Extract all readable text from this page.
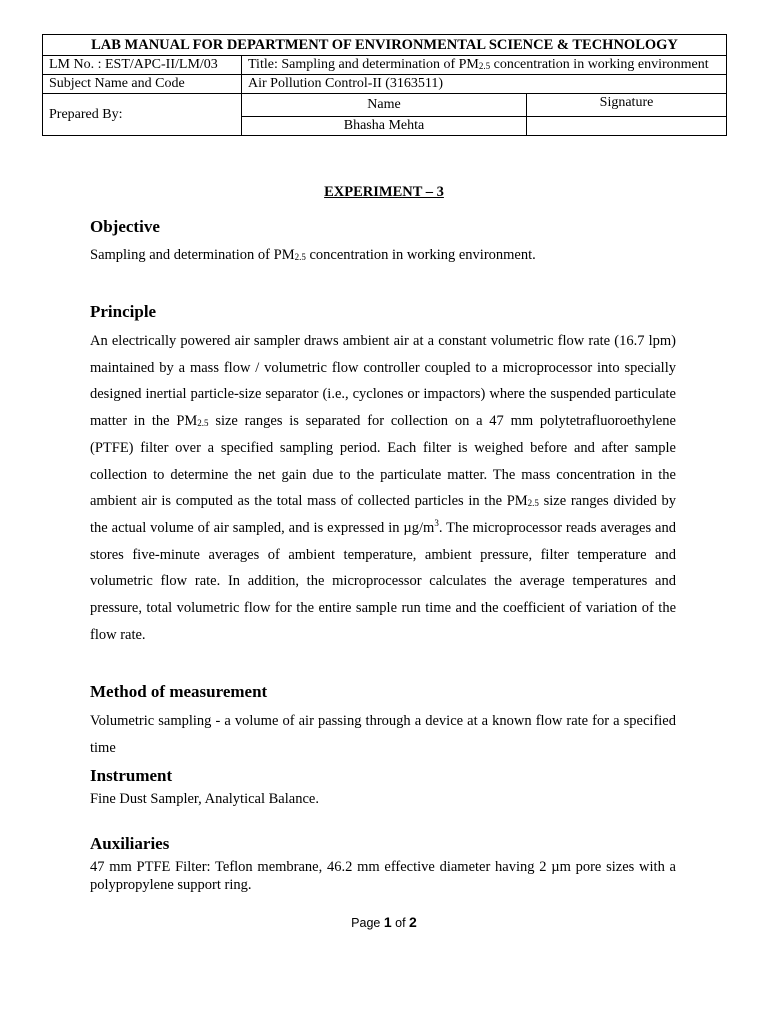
LAB MANUAL FOR DEPARTMENT OF ENVIRONMENTAL SCIENCE & TECHNOLOGY		
LM No. : EST/APC-II/LM/03	Title: Sampling and determination of $PM_{2.5}$ concentration in working environment	
Subject Name and Code	Air Pollution Control-II (3163511)	
Prepared By:	Name	Signature
	Bhasha Mehta	
EXPERIMENT – 3
Objective
Sampling and determination of $PM_{2.5}$ concentration in working environment.
Principle
An electrically powered air sampler draws ambient air at a constant volumetric flow rate (16.7 lpm) maintained by a mass flow / volumetric flow controller coupled to a microprocessor into specially designed inertial particle-size separator (i.e., cyclones or impactors) where the suspended particulate matter in the $PM_{2.5}$ size ranges is separated for collection on a 47 mm polytetrafluoroethylene (PTFE) filter over a specified sampling period. Each filter is weighed before and after sample collection to determine the net gain due to the particulate matter. The mass concentration in the ambient air is computed as the total mass of collected particles in the $PM_{2.5}$ size ranges divided by the actual volume of air sampled, and is expressed in $\mu g/m^3$. The microprocessor reads averages and stores five-minute averages of ambient temperature, ambient pressure, filter temperature and volumetric flow rate. In addition, the microprocessor calculates the average temperatures and pressure, total volumetric flow for the entire sample run time and the coefficient of variation of the flow rate.
Method of measurement
Volumetric sampling - a volume of air passing through a device at a known flow rate for a specified time
Instrument
Fine Dust Sampler, Analytical Balance.
Auxiliaries
47 mm PTFE Filter: Teflon membrane, 46.2 mm effective diameter having 2 µm pore sizes with a polypropylene support ring.
Page 1 of 2
